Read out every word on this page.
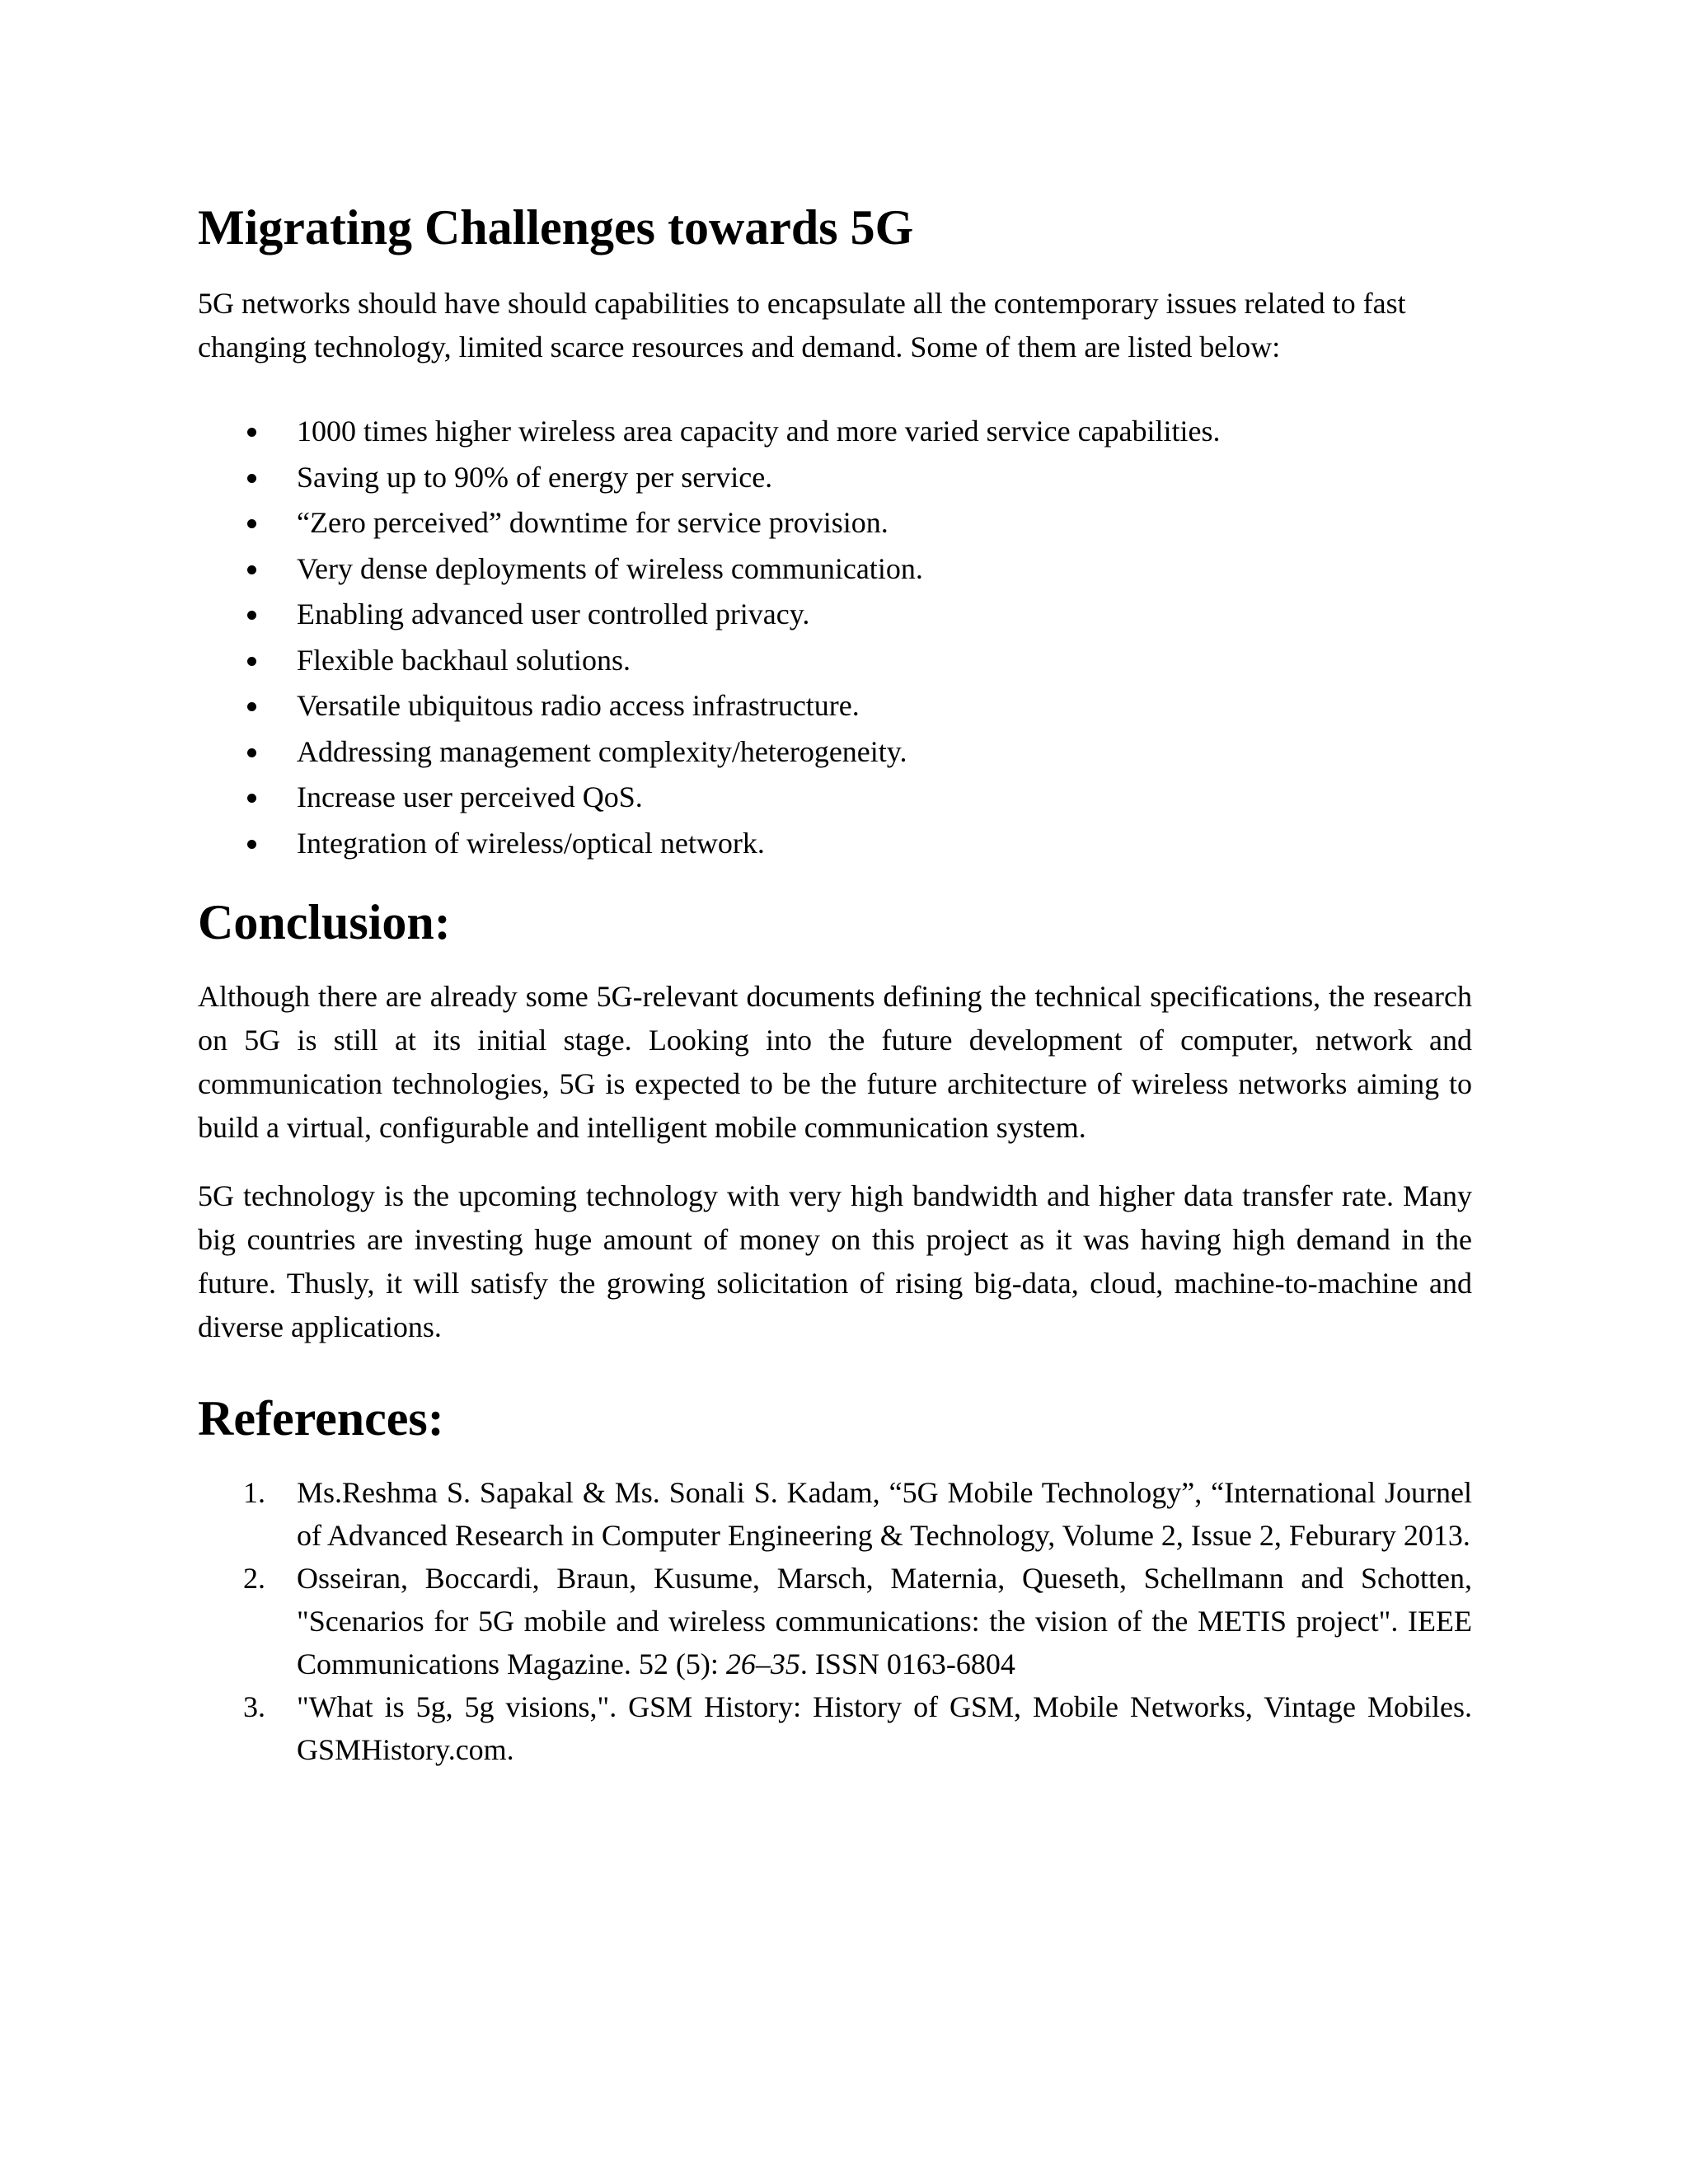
Migrating Challenges towards 5G

5G networks should have should capabilities to encapsulate all the contemporary issues related to fast changing technology, limited scarce resources and demand. Some of them are listed below:

1000 times higher wireless area capacity and more varied service capabilities.
Saving up to 90% of energy per service.
“Zero perceived” downtime for service provision.
Very dense deployments of wireless communication.
Enabling advanced user controlled privacy.
Flexible backhaul solutions.
Versatile ubiquitous radio access infrastructure.
Addressing management complexity/heterogeneity.
Increase user perceived QoS.
Integration of wireless/optical network.
Conclusion:

Although there are already some 5G-relevant documents defining the technical specifications, the research on 5G is still at its initial stage. Looking into the future development of computer, network and communication technologies, 5G is expected to be the future architecture of wireless networks aiming to build a virtual, configurable and intelligent mobile communication system.

5G technology is the upcoming technology with very high bandwidth and higher data transfer rate. Many big countries are investing huge amount of money on this project as it was having high demand in the future. Thusly, it will satisfy the growing solicitation of rising big-data, cloud, machine-to-machine and diverse applications.

References:
1. Ms.Reshma S. Sapakal & Ms. Sonali S. Kadam, “5G Mobile Technology”, “International Journel of Advanced Research in Computer Engineering & Technology, Volume 2, Issue 2, Feburary 2013.
2. Osseiran, Boccardi, Braun, Kusume, Marsch, Maternia, Queseth, Schellmann and Schotten, "Scenarios for 5G mobile and wireless communications: the vision of the METIS project". IEEE Communications Magazine. 52 (5): 26–35. ISSN 0163-6804
3. "What is 5g, 5g visions,". GSM History: History of GSM, Mobile Networks, Vintage Mobiles. GSMHistory.com.
